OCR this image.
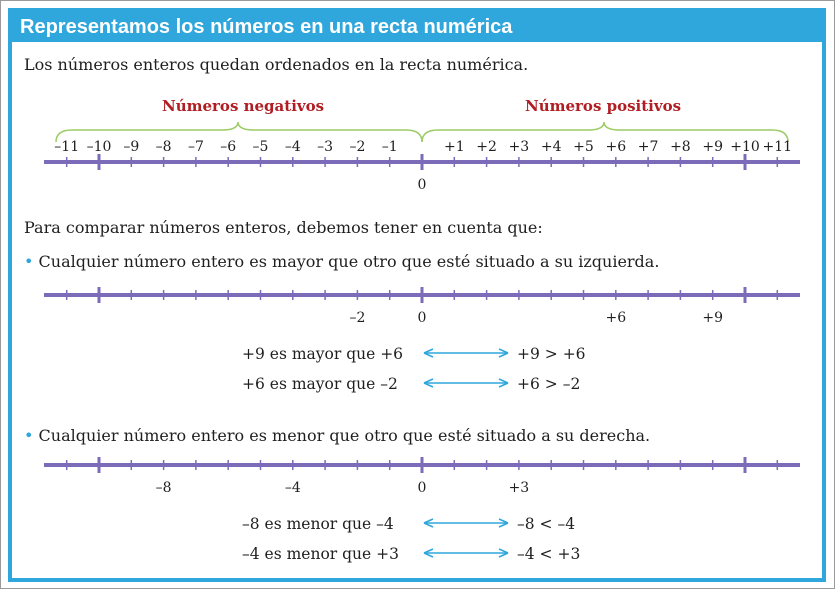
Representamos los números en una recta numérica
Los números enteros quedan ordenados en la recta numérica.
Números negativos	Números positivos
Para comparar números enteros, debemos tener en cuenta que:
• Cualquier número entero es mayor que otro que esté situado a su izquierda.
• Cualquier número entero es menor que otro que esté situado a su derecha.
+9 es mayor que +6	+9 > +6
+6 es mayor que –2	+6 > –2
–8 es menor que –4	–8 < –4
–4 es menor que +3	–4 < +3
–11 –10 –9 –8 –7 –6 –5 –4 –3 –2 –1	+1 +2 +3 +4 +5 +6 +7 +8 +9 +10 +11
0
–2	0	+6	+9
–8	–4	0	+3
